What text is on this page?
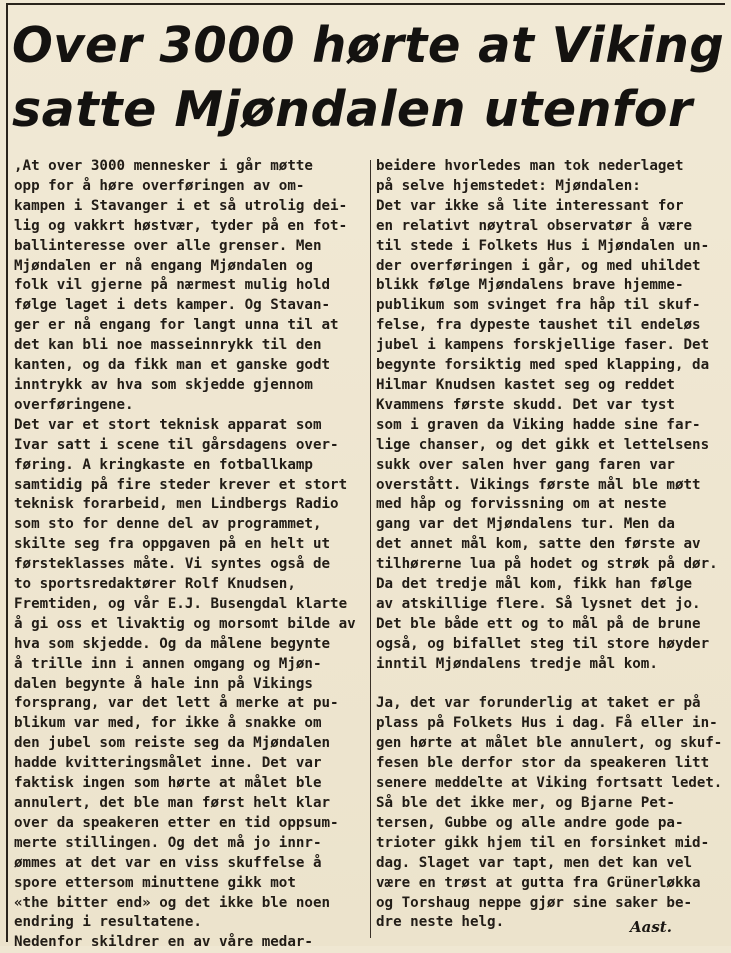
Over 3000 hørte at Viking
satte Mjøndalen utenfor
,At over 3000 mennesker i går møtte
opp for å høre overføringen av om-
kampen i Stavanger i et så utrolig dei-
lig og vakkrt høstvær, tyder på en fot-
ballinteresse over alle grenser. Men
Mjøndalen er nå engang Mjøndalen og
folk vil gjerne på nærmest mulig hold
følge laget i dets kamper. Og Stavan-
ger er nå engang for langt unna til at
det kan bli noe masseinnrykk til den
kanten, og da fikk man et ganske godt
inntrykk av hva som skjedde gjennom
overføringene.
Det var et stort teknisk apparat som
Ivar satt i scene til gårsdagens over-
føring. A kringkaste en fotballkamp
samtidig på fire steder krever et stort
teknisk forarbeid, men Lindbergs Radio
som sto for denne del av programmet,
skilte seg fra oppgaven på en helt ut
førsteklasses måte. Vi syntes også de
to sportsredaktører Rolf Knudsen,
Fremtiden, og vår E.J. Busengdal klarte
å gi oss et livaktig og morsomt bilde av
hva som skjedde. Og da målene begynte
å trille inn i annen omgang og Mjøn-
dalen begynte å hale inn på Vikings
forsprang, var det lett å merke at pu-
blikum var med, for ikke å snakke om
den jubel som reiste seg da Mjøndalen
hadde kvitteringsmålet inne. Det var
faktisk ingen som hørte at målet ble
annulert, det ble man først helt klar
over da speakeren etter en tid oppsum-
merte stillingen. Og det må jo innr-
ømmes at det var en viss skuffelse å
spore ettersom minuttene gikk mot
«the bitter end» og det ikke ble noen
endring i resultatene.
Nedenfor skildrer en av våre medar-
beidere hvorledes man tok nederlaget
på selve hjemstedet: Mjøndalen:
Det var ikke så lite interessant for
en relativt nøytral observatør å være
til stede i Folkets Hus i Mjøndalen un-
der overføringen i går, og med uhildet
blikk følge Mjøndalens brave hjemme-
publikum som svinget fra håp til skuf-
felse, fra dypeste taushet til endeløs
jubel i kampens forskjellige faser. Det
begynte forsiktig med sped klapping, da
Hilmar Knudsen kastet seg og reddet
Kvammens første skudd. Det var tyst
som i graven da Viking hadde sine far-
lige chanser, og det gikk et lettelsens
sukk over salen hver gang faren var
overstått. Vikings første mål ble møtt
med håp og forvissning om at neste
gang var det Mjøndalens tur. Men da
det annet mål kom, satte den første av
tilhørerne lua på hodet og strøk på dør.
Da det tredje mål kom, fikk han følge
av atskillige flere. Så lysnet det jo.
Det ble både ett og to mål på de brune
også, og bifallet steg til store høyder
inntil Mjøndalens tredje mål kom.

Ja, det var forunderlig at taket er på
plass på Folkets Hus i dag. Få eller in-
gen hørte at målet ble annulert, og skuf-
fesen ble derfor stor da speakeren litt
senere meddelte at Viking fortsatt ledet.
Så ble det ikke mer, og Bjarne Pet-
tersen, Gubbe og alle andre gode pa-
trioter gikk hjem til en forsinket mid-
dag. Slaget var tapt, men det kan vel
være en trøst at gutta fra Grünerløkka
og Torshaug neppe gjør sine saker be-
dre neste helg.	Aast.
